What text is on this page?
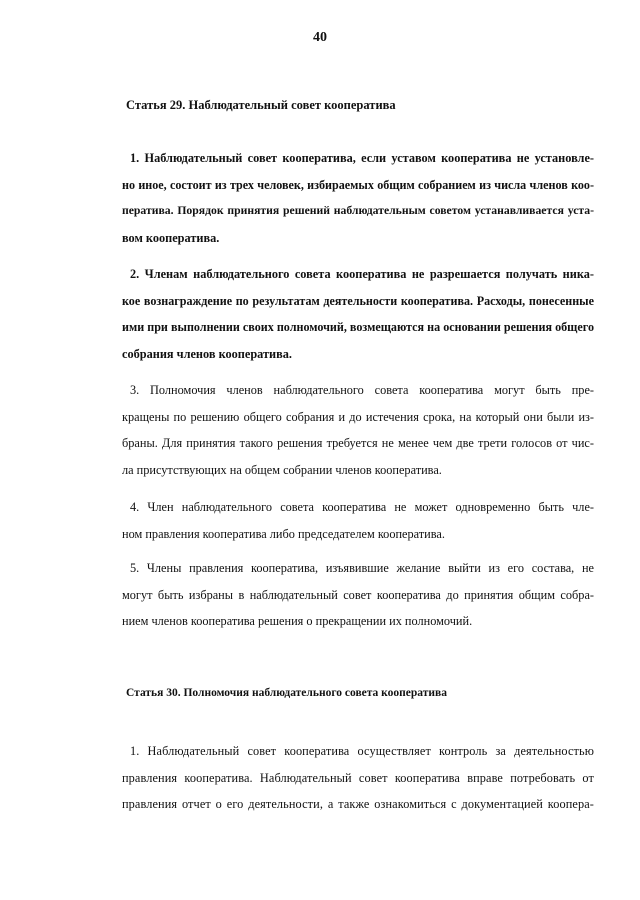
40
Статья 29. Наблюдательный совет кооператива

1. Наблюдательный совет кооператива, если уставом кооператива не установле-
но иное, состоит из трех человек, избираемых общим собранием из числа членов коо-
ператива. Порядок принятия решений наблюдательным советом устанавливается уста-
вом кооператива.

2. Членам наблюдательного совета кооператива не разрешается получать ника-
кое вознаграждение по результатам деятельности кооператива. Расходы, понесенные
ими при выполнении своих полномочий, возмещаются на основании решения общего
собрания членов кооператива.

3. Полномочия членов наблюдательного совета кооператива могут быть пре-
кращены по решению общего собрания и до истечения срока, на который они были из-
браны. Для принятия такого решения требуется не менее чем две трети голосов от чис-
ла присутствующих на общем собрании членов кооператива.

4. Член наблюдательного совета кооператива не может одновременно быть чле-
ном правления кооператива либо председателем кооператива.

5. Члены правления кооператива, изъявившие желание выйти из его состава, не
могут быть избраны в наблюдательный совет кооператива до принятия общим собра-
нием членов кооператива решения о прекращении их полномочий.

Статья 30. Полномочия наблюдательного совета кооператива

1. Наблюдательный совет кооператива осуществляет контроль за деятельностью
правления кооператива. Наблюдательный совет кооператива вправе потребовать от
правления отчет о его деятельности, а также ознакомиться с документацией коопера-
